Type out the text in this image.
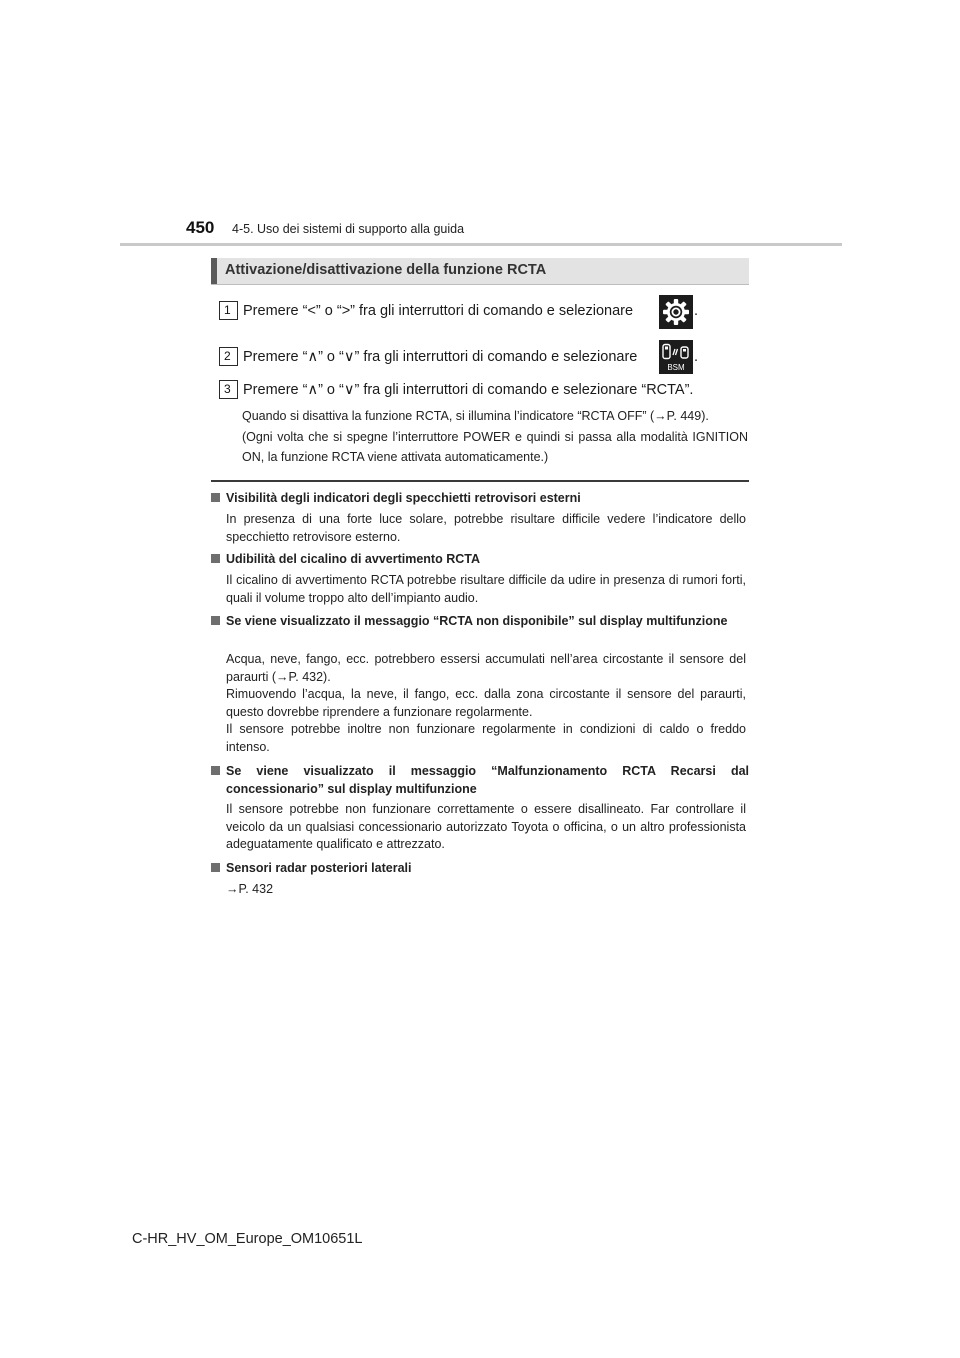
450 4-5. Uso dei sistemi di supporto alla guida
Attivazione/disattivazione della funzione RCTA
1 Premere “<” o “>” fra gli interruttori di comando e selezionare	.
2 Premere “∧” o “∨” fra gli interruttori di comando e selezionare
BSM
.
3 Premere “∧” o “∨” fra gli interruttori di comando e selezionare “RCTA”.
Quando si disattiva la funzione RCTA, si illumina l’indicatore “RCTA OFF” (→P. 449).
(Ogni volta che si spegne l’interruttore POWER e quindi si passa alla modalità IGNITION ON, la funzione RCTA viene attivata automaticamente.)
Visibilità degli indicatori degli specchietti retrovisori esterni

In presenza di una forte luce solare, potrebbe risultare difficile vedere l’indicatore dello specchietto retrovisore esterno.

Udibilità del cicalino di avvertimento RCTA

Il cicalino di avvertimento RCTA potrebbe risultare difficile da udire in presenza di rumori forti, quali il volume troppo alto dell’impianto audio.

Se viene visualizzato il messaggio “RCTA non disponibile” sul display multifunzione

Acqua, neve, fango, ecc. potrebbero essersi accumulati nell’area circostante il sensore del paraurti (→P. 432).

Rimuovendo l’acqua, la neve, il fango, ecc. dalla zona circostante il sensore del paraurti, questo dovrebbe riprendere a funzionare regolarmente.

Il sensore potrebbe inoltre non funzionare regolarmente in condizioni di caldo o freddo intenso.

Se viene visualizzato il messaggio “Malfunzionamento RCTA Recarsi dal concessionario” sul display multifunzione

Il sensore potrebbe non funzionare correttamente o essere disallineato. Far controllare il veicolo da un qualsiasi concessionario autorizzato Toyota o officina, o un altro professionista adeguatamente qualificato e attrezzato.

Sensori radar posteriori laterali

→P. 432

C-HR_HV_OM_Europe_OM10651L
